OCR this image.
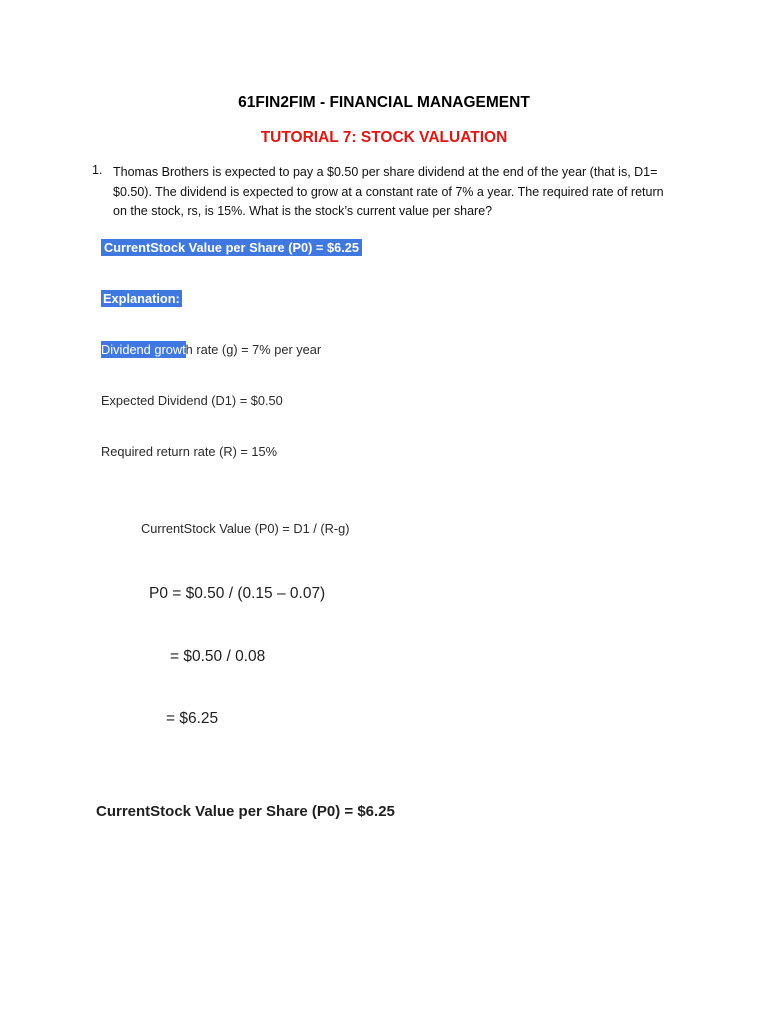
61FIN2FIM - FINANCIAL MANAGEMENT
TUTORIAL 7: STOCK VALUATION
1. Thomas Brothers is expected to pay a $0.50 per share dividend at the end of the year (that is, D1=
$0.50). The dividend is expected to grow at a constant rate of 7% a year. The required rate of return
on the stock, rs, is 15%. What is the stock’s current value per share?
CurrentStock Value per Share (P0) = $6.25
Explanation:
Dividend growth rate (g) = 7% per year
Expected Dividend (D1) = $0.50
Required return rate (R) = 15%
CurrentStock Value (P0) = D1 / (R-g)
P0 = $0.50 / (0.15 – 0.07)
= $0.50 / 0.08
= $6.25
CurrentStock Value per Share (P0) = $6.25
